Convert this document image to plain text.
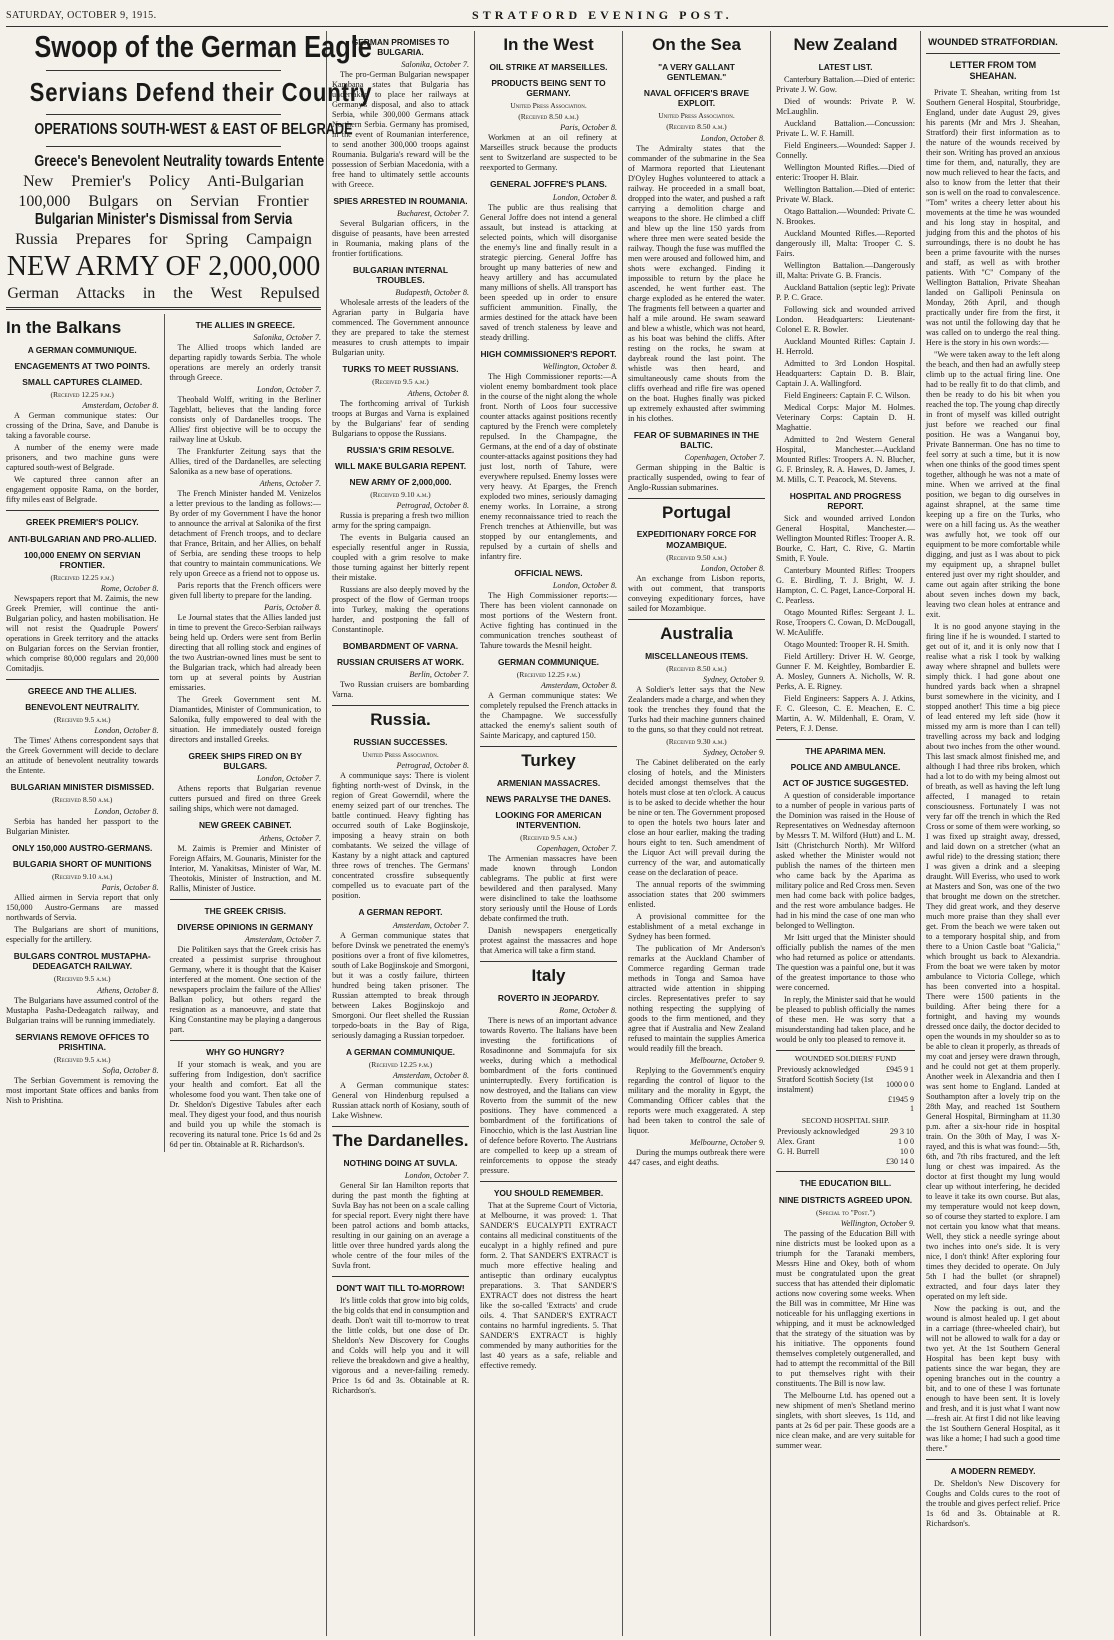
SATURDAY, OCTOBER 9, 1915.	STRATFORD EVENING POST.
Swoop of the German Eagle
Servians Defend their Country
OPERATIONS SOUTH-WEST & EAST OF BELGRADE
Greece's Benevolent Neutrality towards Entente
New Premier's Policy Anti-Bulgarian
100,000 Bulgars on Servian Frontier
Bulgarian Minister's Dismissal from Servia
Russia Prepares for Spring Campaign
NEW ARMY OF 2,000,000
German Attacks in the West Repulsed
In the Balkans
A GERMAN COMMUNIQUE.
ENCAGEMENTS AT TWO POINTS.
SMALL CAPTURES CLAIMED.
(Received 12.25 p.m.)

Amsterdam, October 8.

A German communique states: Our crossing of the Drina, Save, and Danube is taking a favorable course.

A number of the enemy were made prisoners, and two machine guns were captured south-west of Belgrade.

We captured three cannon after an engagement opposite Rama, on the border, fifty miles east of Belgrade.

GREEK PREMIER'S POLICY.
ANTI-BULGARIAN AND PRO-ALLIED.
100,000 ENEMY ON SERVIAN FRONTIER.
(Received 12.25 p.m.)

Rome, October 8.

Newspapers report that M. Zaimis, the new Greek Premier, will continue the anti-Bulgarian policy, and hasten mobilisation. He will not resist the Quadruple Powers' operations in Greek territory and the attacks on Bulgarian forces on the Servian frontier, which comprise 80,000 regulars and 20,000 Comitadjis.

GREECE AND THE ALLIES.
BENEVOLENT NEUTRALITY.
(Received 9.5 a.m.)

London, October 8.

The Times' Athens correspondent says that the Greek Government will decide to declare an attitude of benevolent neutrality towards the Entente.

BULGARIAN MINISTER DISMISSED.
(Received 8.50 a.m.)

London, October 8.

Serbia has handed her passport to the Bulgarian Minister.

ONLY 150,000 AUSTRO-GERMANS.
BULGARIA SHORT OF MUNITIONS
(Received 9.10 a.m.)

Paris, October 8.

Allied airmen in Servia report that only 150,000 Austro-Germans are massed northwards of Servia.

The Bulgarians are short of munitions, especially for the artillery.

BULGARS CONTROL MUSTAPHA-DEDEAGATCH RAILWAY.
(Received 9.5 a.m.)

Athens, October 8.

The Bulgarians have assumed control of the Mustapha Pasha-Dedeagatch railway, and Bulgarian trains will be running immediately.

SERVIANS REMOVE OFFICES TO PRISHTINA.
(Received 9.5 a.m.)

Sofia, October 8.

The Serbian Government is removing the most important State offices and banks from Nish to Prishtina.

THE ALLIES IN GREECE.

Salonika, October 7.

The Allied troops which landed are departing rapidly towards Serbia. The whole operations are merely an orderly transit through Greece.

London, October 7.

Theobald Wolff, writing in the Berliner Tageblatt, believes that the landing force consists only of Dardanelles troops. The Allies' first objective will be to occupy the railway line at Uskub.

The Frankfurter Zeitung says that the Allies, tired of the Dardanelles, are selecting Salonika as a new base of operations.

Athens, October 7.

The French Minister handed M. Venizelos a letter previous to the landing as follows:—By order of my Government I have the honor to announce the arrival at Salonika of the first detachment of French troops, and to declare that France, Britain, and her Allies, on behalf of Serbia, are sending these troops to help that country to maintain communications. We rely upon Greece as a friend not to oppose us.

Paris reports that the French officers were given full liberty to prepare for the landing.

Paris, October 8.

Le Journal states that the Allies landed just in time to prevent the Greco-Serbian railways being held up. Orders were sent from Berlin directing that all rolling stock and engines of the two Austrian-owned lines must be sent to the Bulgarian track, which had already been torn up at several points by Austrian emissaries.

The Greek Government sent M. Diamantides, Minister of Communication, to Salonika, fully empowered to deal with the situation. He immediately ousted foreign directors and installed Greeks.

GREEK SHIPS FIRED ON BY BULGARS.

London, October 7.

Athens reports that Bulgarian revenue cutters pursued and fired on three Greek sailing ships, which were not damaged.

NEW GREEK CABINET.

Athens, October 7.

M. Zaimis is Premier and Minister of Foreign Affairs, M. Gounaris, Minister for the Interior, M. Yanakitsas, Minister of War, M. Theotokis, Minister of Instruction, and M. Rallis, Minister of Justice.

THE GREEK CRISIS.
DIVERSE OPINIONS IN GERMANY

Amsterdam, October 7.

Die Politiken says that the Greek crisis has created a pessimist surprise throughout Germany, where it is thought that the Kaiser interfered at the moment. One section of the newspapers proclaim the failure of the Allies' Balkan policy, but others regard the resignation as a manoeuvre, and state that King Constantine may be playing a dangerous part.

WHY GO HUNGRY?

If your stomach is weak, and you are suffering from Indigestion, don't sacrifice your health and comfort. Eat all the wholesome food you want. Then take one of Dr. Sheldon's Digestive Tabules after each meal. They digest your food, and thus nourish and build you up while the stomach is recovering its natural tone. Price 1s 6d and 2s 6d per tin. Obtainable at R. Richardson's.

GERMAN PROMISES TO BULGARIA.

Salonika, October 7.

The pro-German Bulgarian newspaper Kambana states that Bulgaria has undertaken to place her railways at Germany's disposal, and also to attack Serbia, while 300,000 Germans attack Northern Serbia. Germany has promised, in the event of Roumanian interference, to send another 300,000 troops against Roumania. Bulgaria's reward will be the possession of Serbian Macedonia, with a free hand to ultimately settle accounts with Greece.

SPIES ARRESTED IN ROUMANIA.

Bucharest, October 7.

Several Bulgarian officers, in the disguise of peasants, have been arrested in Roumania, making plans of the frontier fortifications.

BULGARIAN INTERNAL TROUBLES.

Budapesth, October 8.

Wholesale arrests of the leaders of the Agrarian party in Bulgaria have commenced. The Government announce they are prepared to take the sternest measures to crush attempts to impair Bulgarian unity.

TURKS TO MEET RUSSIANS.
(Received 9.5 a.m.)

Athens, October 8.

The forthcoming arrival of Turkish troops at Burgas and Varna is explained by the Bulgarians' fear of sending Bulgarians to oppose the Russians.

RUSSIA'S GRIM RESOLVE.
WILL MAKE BULGARIA REPENT.
NEW ARMY OF 2,000,000.
(Received 9.10 a.m.)

Petrograd, October 8.

Russia is preparing a fresh two million army for the spring campaign.

The events in Bulgaria caused an especially resentful anger in Russia, coupled with a grim resolve to make those turning against her bitterly repent their mistake.

Russians are also deeply moved by the prospect of the flow of German troops into Turkey, making the operations harder, and postponing the fall of Constantinople.

BOMBARDMENT OF VARNA.
RUSSIAN CRUISERS AT WORK.

Berlin, October 7.

Two Russian cruisers are bombarding Varna.

Russia.
RUSSIAN SUCCESSES.
United Press Association.

Petrograd, October 8.

A communique says: There is violent fighting north-west of Dvinsk, in the region of Great Gowerndil, where the enemy seized part of our trenches. The battle continued. Heavy fighting has occurred south of Lake Bogjinskoje, imposing a heavy strain on both combatants. We seized the village of Kastany by a night attack and captured three rows of trenches. The Germans' concentrated crossfire subsequently compelled us to evacuate part of the position.

A GERMAN REPORT.

Amsterdam, October 7.

A German communique states that before Dvinsk we penetrated the enemy's positions over a front of five kilometres, south of Lake Bogjinskoje and Smorgoni, but it was a costly failure, thirteen hundred being taken prisoner. The Russian attempted to break through between Lakes Bogjinskojo and Smorgoni. Our fleet shelled the Russian torpedo-boats in the Bay of Riga, seriously damaging a Russian torpedoer.

A GERMAN COMMUNIQUE.
(Received 12.25 p.m.)

Amsterdam, October 8.

A German communique states: General von Hindenburg repulsed a Russian attack north of Kosiany, south of Lake Wishnew.

The Dardanelles.
NOTHING DOING AT SUVLA.

London, October 7.

General Sir Ian Hamilton reports that during the past month the fighting at Suvla Bay has not been on a scale calling for special report. Every night there have been patrol actions and bomb attacks, resulting in our gaining on an average a little over three hundred yards along the whole centre of the four miles of the Suvla front.

DON'T WAIT TILL TO-MORROW!

It's little colds that grow into big colds, the big colds that end in consumption and death. Don't wait till to-morrow to treat the little colds, but one dose of Dr. Sheldon's New Discovery for Coughs and Colds will help you and it will relieve the breakdown and give a healthy, vigorous and a never-failing remedy. Price 1s 6d and 3s. Obtainable at R. Richardson's.

In the West
OIL STRIKE AT MARSEILLES.
PRODUCTS BEING SENT TO GERMANY.
United Press Association.
(Received 8.50 a.m.)

Paris, October 8.

Workmen at an oil refinery at Marseilles struck because the products sent to Switzerland are suspected to be reexported to Germany.

GENERAL JOFFRE'S PLANS.

London, October 8.

The public are thus realising that General Joffre does not intend a general assault, but instead is attacking at selected points, which will disorganise the enemy's line and finally result in a strategic piercing. General Joffre has brought up many batteries of new and heavy artillery and has accumulated many millions of shells. All transport has been speeded up in order to ensure sufficient ammunition. Finally, the armies destined for the attack have been saved of trench staleness by leave and steady drilling.

HIGH COMMISSIONER'S REPORT.

Wellington, October 8.

The High Commissioner reports:—A violent enemy bombardment took place in the course of the night along the whole front. North of Loos four successive counter attacks against positions recently captured by the French were completely repulsed. In the Champagne, the Germans, at the end of a day of obstinate counter-attacks against positions they had just lost, north of Tahure, were everywhere repulsed. Enemy losses were very heavy. At Eparges, the French exploded two mines, seriously damaging enemy works. In Lorraine, a strong enemy reconnaissance tried to reach the French trenches at Athienville, but was stopped by our entanglements, and repulsed by a curtain of shells and infantry fire.

OFFICIAL NEWS.

London, October 8.

The High Commissioner reports:—There has been violent cannonade on most portions of the Western front. Active fighting has continued in the communication trenches southeast of Tahure towards the Mesnil height.

GERMAN COMMUNIQUE.
(Received 12.25 p.m.)

Amsterdam, October 8.

A German communique states: We completely repulsed the French attacks in the Champagne. We successfully attacked the enemy's salient south of Sainte Maricapy, and captured 150.

Turkey
ARMENIAN MASSACRES.
NEWS PARALYSE THE DANES.
LOOKING FOR AMERICAN INTERVENTION.
(Received 9.5 a.m.)

Copenhagen, October 7.

The Armenian massacres have been made known through London cablegrams. The public at first were bewildered and then paralysed. Many were disinclined to take the loathsome story seriously until the House of Lords debate confirmed the truth.

Danish newspapers energetically protest against the massacres and hope that America will take a firm stand.

Italy
ROVERTO IN JEOPARDY.

Rome, October 8.

There is news of an important advance towards Roverto. The Italians have been investing the fortifications of Rosadinonne and Sommajufa for six weeks, during which a methodical bombardment of the forts continued uninterruptedly. Every fortification is now destroyed, and the Italians can view Roverto from the summit of the new positions. They have commenced a bombardment of the fortifications of Finocchio, which is the last Austrian line of defence before Roverto. The Austrians are compelled to keep up a stream of reinforcements to oppose the steady pressure.

YOU SHOULD REMEMBER.

That at the Supreme Court of Victoria, at Melbourne, it was proved: 1. That SANDER'S EUCALYPTI EXTRACT contains all medicinal constituents of the eucalypt in a highly refined and pure form. 2. That SANDER'S EXTRACT is much more effective healing and antiseptic than ordinary eucalyptus preparations. 3. That SANDER'S EXTRACT does not distress the heart like the so-called 'Extracts' and crude oils. 4. That SANDER'S EXTRACT contains no harmful ingredients. 5. That SANDER'S EXTRACT is highly commended by many authorities for the last 40 years as a safe, reliable and effective remedy.

On the Sea
"A VERY GALLANT GENTLEMAN."
NAVAL OFFICER'S BRAVE EXPLOIT.
United Press Association.
(Received 8.50 a.m.)

London, October 8.

The Admiralty states that the commander of the submarine in the Sea of Marmora reported that Lieutenant D'Oyley Hughes volunteered to attack a railway. He proceeded in a small boat, dropped into the water, and pushed a raft carrying a demolition charge and weapons to the shore. He climbed a cliff and blew up the line 150 yards from where three men were seated beside the railway. Though the fuse was muffled the men were aroused and followed him, and shots were exchanged. Finding it impossible to return by the place he ascended, he went further east. The charge exploded as he entered the water. The fragments fell between a quarter and half a mile around. He swam seaward and blew a whistle, which was not heard, as his boat was behind the cliffs. After resting on the rocks, he swam at daybreak round the last point. The whistle was then heard, and simultaneously came shouts from the cliffs overhead and rifle fire was opened on the boat. Hughes finally was picked up extremely exhausted after swimming in his clothes.

FEAR OF SUBMARINES IN THE BALTIC.

Copenhagen, October 7.

German shipping in the Baltic is practically suspended, owing to fear of Anglo-Russian submarines.

Portugal
EXPEDITIONARY FORCE FOR MOZAMBIQUE.
(Received 9.50 a.m.)

London, October 8.

An exchange from Lisbon reports, with out comment, that transports conveying expeditionary forces, have sailed for Mozambique.

Australia
MISCELLANEOUS ITEMS.
(Received 8.50 a.m.)

Sydney, October 9.

A Soldier's letter says that the New Zealanders made a charge, and when they took the trenches they found that the Turks had their machine gunners chained to the guns, so that they could not retreat.

(Received 9.30 a.m.)

Sydney, October 9.

The Cabinet deliberated on the early closing of hotels, and the Ministers decided amongst themselves that the hotels must close at ten o'clock. A caucus is to be asked to decide whether the hour be nine or ten. The Government proposed to open the hotels two hours later and close an hour earlier, making the trading hours eight to ten. Such amendment of the Liquor Act will prevail during the currency of the war, and automatically cease on the declaration of peace.

The annual reports of the swimming association states that 200 swimmers enlisted.

A provisional committee for the establishment of a metal exchange in Sydney has been formed.

The publication of Mr Anderson's remarks at the Auckland Chamber of Commerce regarding German trade methods in Tonga and Samoa have attracted wide attention in shipping circles. Representatives prefer to say nothing respecting the supplying of goods to the firm mentioned, and they agree that if Australia and New Zealand refused to maintain the supplies America would readily fill the breach.

Melbourne, October 9.

Replying to the Government's enquiry regarding the control of liquor to the military and the morality in Egypt, the Commanding Officer cables that the reports were much exaggerated. A step had been taken to control the sale of liquor.

Melbourne, October 9.

During the mumps outbreak there were 447 cases, and eight deaths.

New Zealand
LATEST LIST.

Canterbury Battalion.—Died of enteric: Private J. W. Gow.

Died of wounds: Private P. W. McLaughlin.

Auckland Battalion.—Concussion: Private L. W. F. Hamill.

Field Engineers.—Wounded: Sapper J. Connelly.

Wellington Mounted Rifles.—Died of enteric: Trooper H. Blair.

Wellington Battalion.—Died of enteric: Private W. Black.

Otago Battalion.—Wounded: Private C. N. Brookes.

Auckland Mounted Rifles.—Reported dangerously ill, Malta: Trooper C. S. Fairs.

Wellington Battalion.—Dangerously ill, Malta: Private G. B. Francis.

Auckland Battalion (septic leg): Private P. P. C. Grace.

Following sick and wounded arrived London. Headquarters: Lieutenant-Colonel E. R. Bowler.

Auckland Mounted Rifles: Captain J. H. Herrold.

Admitted to 3rd London Hospital. Headquarters: Captain D. B. Blair, Captain J. A. Wallingford.

Field Engineers: Captain F. C. Wilson.

Medical Corps: Major M. Holmes. Veterinary Corps: Captain D. H. Maghattie.

Admitted to 2nd Western General Hospital, Manchester.—Auckland Mounted Rifles: Troopers A. N. Blucher, G. F. Brinsley, R. A. Hawes, D. James, J. M. Mills, C. T. Peacock, M. Stevens.

HOSPITAL AND PROGRESS REPORT.

Sick and wounded arrived London General Hospital, Manchester.—Wellington Mounted Rifles: Trooper A. R. Bourke, C. Hart, C. Rive, G. Martin Smith, F. Youle.

Canterbury Mounted Rifles: Troopers G. E. Birdling, T. J. Bright, W. J. Hampton, C. C. Paget, Lance-Corporal H. C. Pearless.

Otago Mounted Rifles: Sergeant J. L. Rose, Troopers C. Cowan, D. McDougall, W. McAuliffe.

Otago Mounted: Trooper R. H. Smith.

Field Artillery: Driver H. W. George, Gunner F. M. Keightley, Bombardier E. A. Mosley, Gunners A. Nicholls, W. R. Perks, A. E. Rigney.

Field Engineers: Sappers A. J. Atkins, F. C. Gleeson, C. E. Meachen, E. C. Martin, A. W. Mildenhall, E. Oram, V. Peters, F. J. Dense.

THE APARIMA MEN.
POLICE AND AMBULANCE.
ACT OF JUSTICE SUGGESTED.

A question of considerable importance to a number of people in various parts of the Dominion was raised in the House of Representatives on Wednesday afternoon by Messrs T. M. Wilford (Hutt) and L. M. Isitt (Christchurch North). Mr Wilford asked whether the Minister would not publish the names of the thirteen men who came back by the Aparima as military police and Red Cross men. Seven men had come back with police badges, and the rest wore ambulance badges. He had in his mind the case of one man who belonged to Wellington.

Mr Isitt urged that the Minister should officially publish the names of the men who had returned as police or attendants. The question was a painful one, but it was of the greatest importance to those who were concerned.

In reply, the Minister said that he would be pleased to publish officially the names of these men. He was sorry that a misunderstanding had taken place, and he would be only too pleased to remove it.

WOUNDED SOLDIERS' FUND
Previously acknowledged	£945 9 1
Stratford Scottish Society (1st instalment)	1000 0 0
	£1945 9 1
SECOND HOSPITAL SHIP.
Previously acknowledged	29 3 10
Alex. Grant	1 0 0
G. H. Burrell	10 0
	£30 14 0
THE EDUCATION BILL.
NINE DISTRICTS AGREED UPON.
(Special to "Post.")

Wellington, October 9.

The passing of the Education Bill with nine districts must be looked upon as a triumph for the Taranaki members, Messrs Hine and Okey, both of whom must be congratulated upon the great success that has attended their diplomatic actions now covering some weeks. When the Bill was in committee, Mr Hine was noticeable for his unflagging exertions in whipping, and it must be acknowledged that the strategy of the situation was by his initiative. The opponents found themselves completely outgeneralled, and had to attempt the recommittal of the Bill to put themselves right with their constituents. The Bill is now law.

The Melbourne Ltd. has opened out a new shipment of men's Shetland merino singlets, with short sleeves, 1s 11d, and pants at 2s 6d per pair. These goods are a nice clean make, and are very suitable for summer wear.

WOUNDED STRATFORDIAN.
LETTER FROM TOM SHEAHAN.

Private T. Sheahan, writing from 1st Southern General Hospital, Stourbridge, England, under date August 29, gives his parents (Mr and Mrs J. Sheahan, Stratford) their first information as to the nature of the wounds received by their son. Writing has proved an anxious time for them, and, naturally, they are now much relieved to hear the facts, and also to know from the letter that their son is well on the road to convalescence. "Tom" writes a cheery letter about his movements at the time he was wounded and his long stay in hospital, and judging from this and the photos of his surroundings, there is no doubt he has been a prime favourite with the nurses and staff, as well as with brother patients. With "C" Company of the Wellington Battalion, Private Sheahan landed on Gallipoli Peninsula on Monday, 26th April, and though practically under fire from the first, it was not until the following day that he was called on to undergo the real thing. Here is the story in his own words:—

"We were taken away to the left along the beach, and then had an awfully steep climb up to the actual firing line. One had to be really fit to do that climb, and then be ready to do his bit when you reached the top. The young chap directly in front of myself was killed outright just before we reached our final position. He was a Wanganui boy, Private Bannerman. One has no time to feel sorry at such a time, but it is now when one thinks of the good times spent together, although he was not a mate of mine. When we arrived at the final position, we began to dig ourselves in against shrapnel, at the same time keeping up a fire on the Turks, who were on a hill facing us. As the weather was awfully hot, we took off our equipment to be more comfortable while digging, and just as I was about to pick my equipment up, a shrapnel bullet entered just over my right shoulder, and came out again after striking the bone about seven inches down my back, leaving two clean holes at entrance and exit.

It is no good anyone staying in the firing line if he is wounded. I started to get out of it, and it is only now that I realise what a risk I took by walking away where shrapnel and bullets were simply thick. I had gone about one hundred yards back when a shrapnel burst somewhere in the vicinity, and I stopped another! This time a big piece of lead entered my left side (how it missed my arm is more than I can tell) travelling across my back and lodging about two inches from the other wound. This last smack almost finished me, and although I had three ribs broken, which had a lot to do with my being almost out of breath, as well as having the left lung affected, I managed to retain consciousness. Fortunately I was not very far off the trench in which the Red Cross or some of them were working, so I was fixed up straight away, dressed, and laid down on a stretcher (what an awful ride) to the dressing station; there I was given a drink and a sleeping draught. Will Everiss, who used to work at Masters and Son, was one of the two that brought me down on the stretcher. They did great work, and they deserve much more praise than they shall ever get. From the beach we were taken out to a temporary hospital ship, and from there to a Union Castle boat "Galicia," which brought us back to Alexandria. From the boat we were taken by motor ambulance to Victoria College, which has been converted into a hospital. There were 1500 patients in the building. After being there for a fortnight, and having my wounds dressed once daily, the doctor decided to open the wounds in my shoulder so as to be able to clean it properly, as threads of my coat and jersey were drawn through, and he could not get at them properly. Another week in Alexandria and then I was sent home to England. Landed at Southampton after a lovely trip on the 28th May, and reached 1st Southern General Hospital, Birmingham at 11.30 p.m. after a six-hour ride in hospital train. On the 30th of May, I was X-rayed, and this is what was found:—5th, 6th, and 7th ribs fractured, and the left lung or chest was impaired. As the doctor at first thought my lung would clear up without interfering, he decided to leave it take its own course. But alas, my temperature would not keep down, so of course they started to explore. I am not certain you know what that means. Well, they stick a needle syringe about two inches into one's side. It is very nice, I don't think! After exploring four times they decided to operate. On July 5th I had the bullet (or shrapnel) extracted, and four days later they operated on my left side.

Now the packing is out, and the wound is almost healed up. I get about in a carriage (three-wheeled chair), but will not be allowed to walk for a day or two yet. At the 1st Southern General Hospital has been kept busy with patients since the war began, they are opening branches out in the country a bit, and to one of these I was fortunate enough to have been sent. It is lovely and fresh, and it is just what I want now—fresh air. At first I did not like leaving the 1st Southern General Hospital, as it was like a home; I had such a good time there."

A MODERN REMEDY.

Dr. Sheldon's New Discovery for Coughs and Colds cures to the root of the trouble and gives perfect relief. Price 1s 6d and 3s. Obtainable at R. Richardson's.
